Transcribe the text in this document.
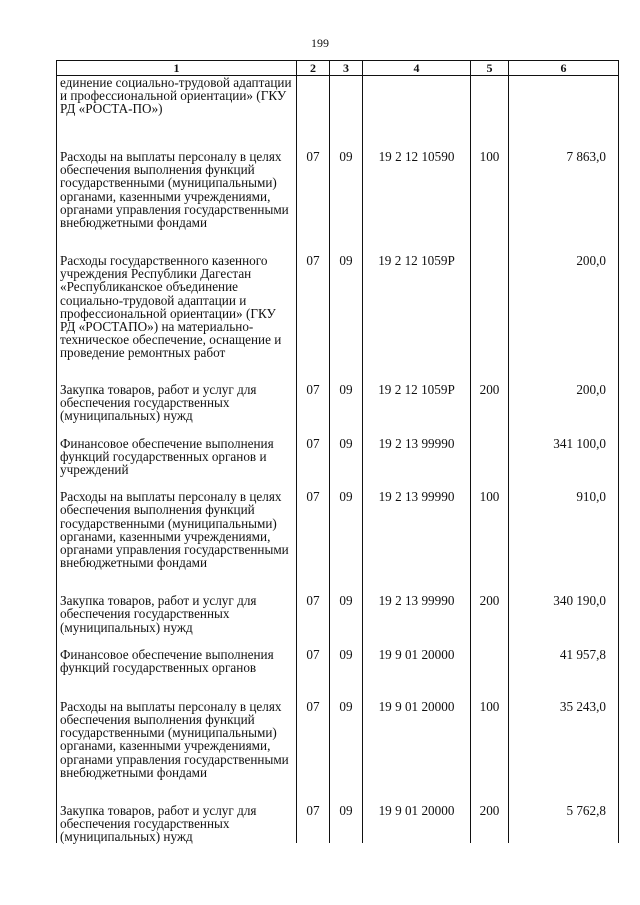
199
1	2	3	4	5	6
единение социально-трудовой адаптации и профессиональной ориентации» (ГКУ РД «РОСТА-ПО»)					

Расходы на выплаты персоналу в целях обеспечения выполнения функций государственными (муниципальными) органами, казенными учреждениями, органами управления государственными внебюджетными фондами	07	09	19 2 12 10590	100	7 863,0

Расходы государственного казенного учреждения Республики Дагестан «Республиканское объединение социально-трудовой адаптации и профессиональной ориентации» (ГКУ РД «РОСТАПО») на материально-техническое обеспечение, оснащение и проведение ремонтных работ	07	09	19 2 12 1059Р		200,0

Закупка товаров, работ и услуг для обеспечения государственных (муниципальных) нужд	07	09	19 2 12 1059Р	200	200,0

Финансовое обеспечение выполнения функций государственных органов и учреждений	07	09	19 2 13 99990		341 100,0

Расходы на выплаты персоналу в целях обеспечения выполнения функций государственными (муниципальными) органами, казенными учреждениями, органами управления государственными внебюджетными фондами	07	09	19 2 13 99990	100	910,0

Закупка товаров, работ и услуг для обеспечения государственных (муниципальных) нужд	07	09	19 2 13 99990	200	340 190,0

Финансовое обеспечение выполнения функций государственных органов	07	09	19 9 01 20000		41 957,8

Расходы на выплаты персоналу в целях обеспечения выполнения функций государственными (муниципальными) органами, казенными учреждениями, органами управления государственными внебюджетными фондами	07	09	19 9 01 20000	100	35 243,0

Закупка товаров, работ и услуг для обеспечения государственных (муниципальных) нужд	07	09	19 9 01 20000	200	5 762,8
